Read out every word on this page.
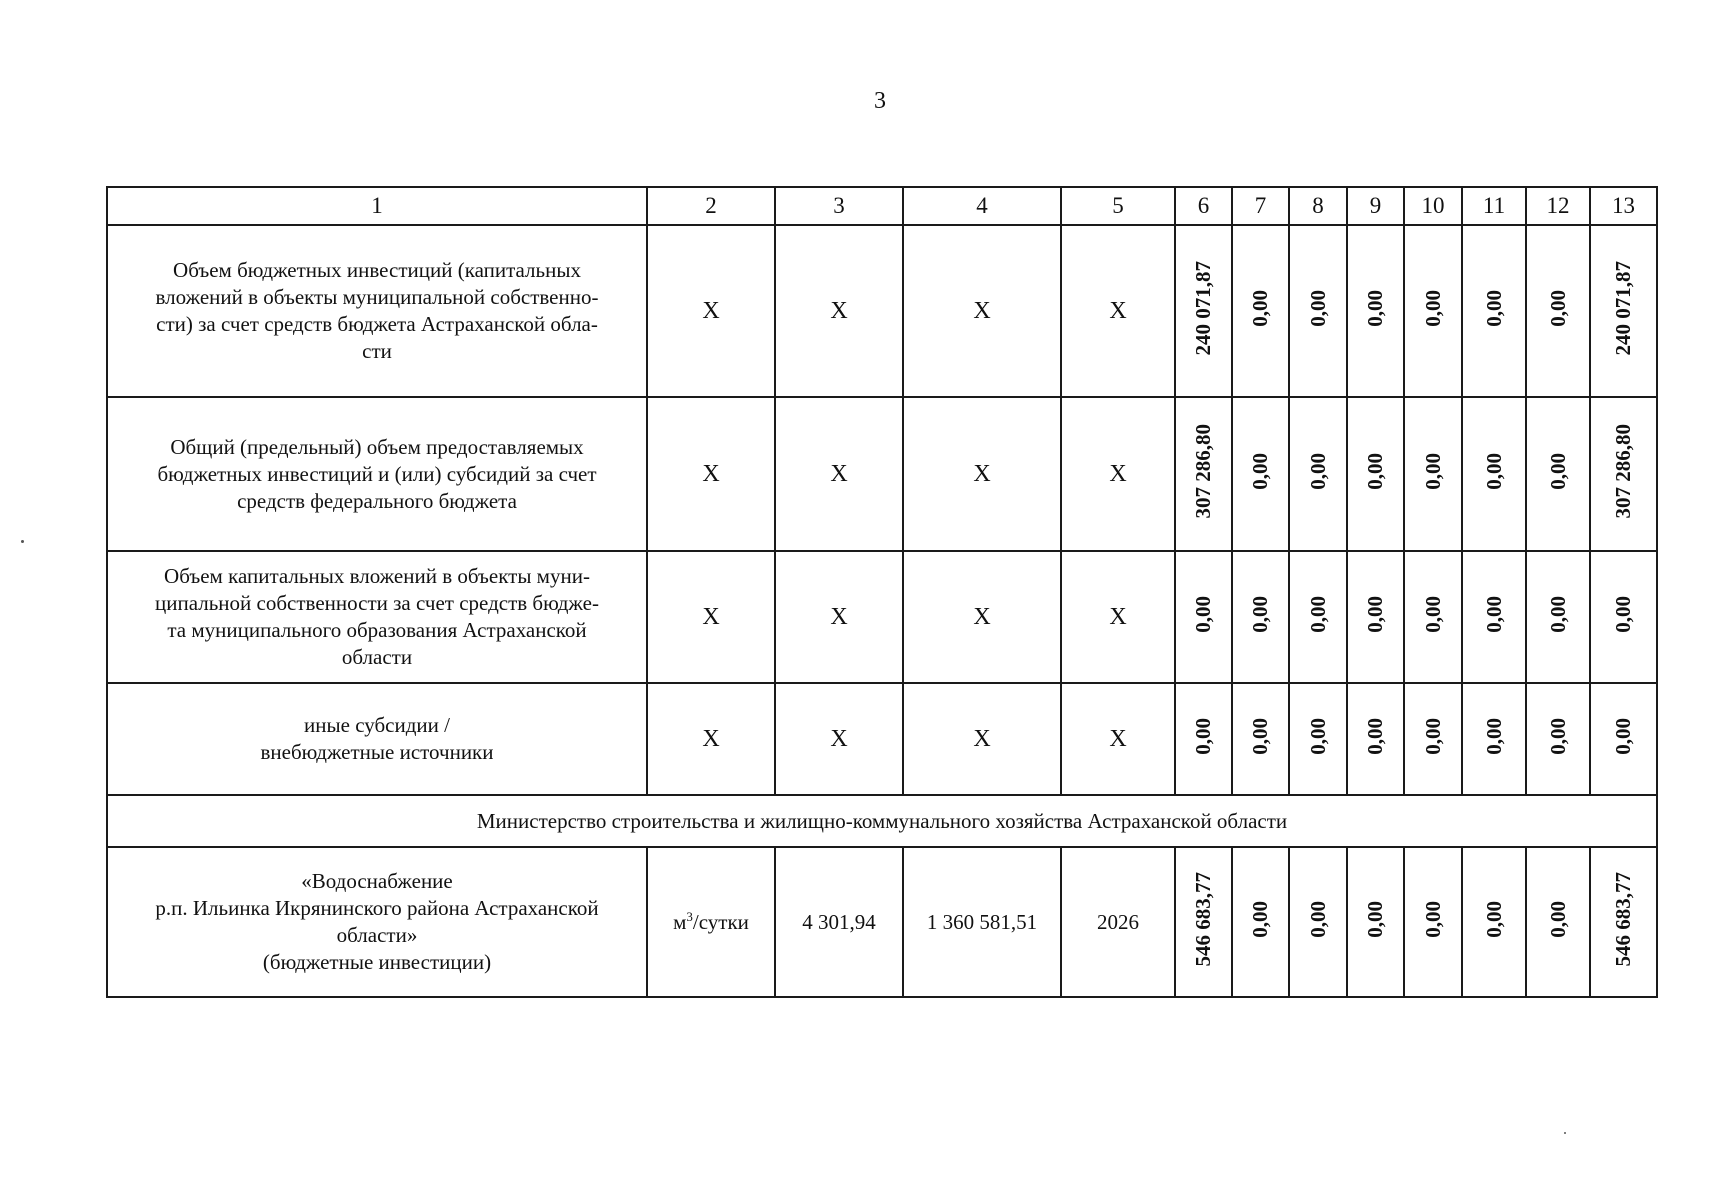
3
1	2	3	4	5	6	7	8	9	10	11	12	13

Объем бюджетных инвестиций (капитальных
вложений в объекты муниципальной собственно-
сти) за счет средств бюджета Астраханской обла-
сти	X	X	X	X	240 071,87	0,00	0,00	0,00	0,00	0,00	0,00	240 071,87

Общий (предельный) объем предоставляемых
бюджетных инвестиций и (или) субсидий за счет
средств федерального бюджета	X	X	X	X	307 286,80	0,00	0,00	0,00	0,00	0,00	0,00	307 286,80

Объем капитальных вложений в объекты муни-
ципальной собственности за счет средств бюдже-
та муниципального образования Астраханской
области	X	X	X	X	0,00	0,00	0,00	0,00	0,00	0,00	0,00	0,00

иные субсидии /
внебюджетные источники	X	X	X	X	0,00	0,00	0,00	0,00	0,00	0,00	0,00	0,00
Министерство строительства и жилищно-коммунального хозяйства Астраханской области												

«Водоснабжение
р.п. Ильинка Икрянинского района Астраханской
области»
(бюджетные инвестиции)	$м^3$/сутки	4 301,94	1 360 581,51	2026	546 683,77	0,00	0,00	0,00	0,00	0,00	0,00	546 683,77
